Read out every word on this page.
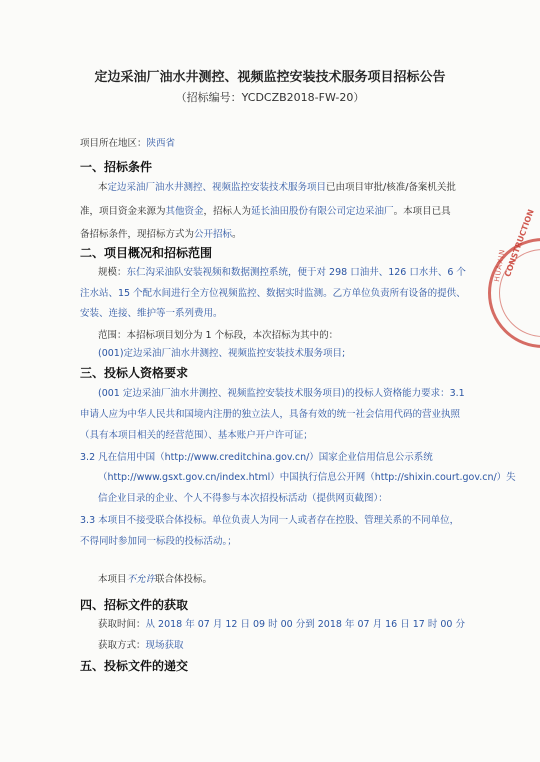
定边采油厂油水井测控、视频监控安装技术服务项目招标公告
（招标编号：YCDCZB2018-FW-20）
项目所在地区：陕西省
一、招标条件
本定边采油厂油水井测控、视频监控安装技术服务项目已由项目审批/核准/备案机关批
准，项目资金来源为其他资金，招标人为延长油田股份有限公司定边采油厂。本项目已具
备招标条件，现招标方式为公开招标。
二、项目概况和招标范围
规模：东仁沟采油队安装视频和数据测控系统，便于对 298 口油井、126 口水井、6 个
注水站、15 个配水间进行全方位视频监控、数据实时监测。乙方单位负责所有设备的提供、
安装、连接、维护等一系列费用。
范围：本招标项目划分为 1 个标段，本次招标为其中的：
(001)定边采油厂油水井测控、视频监控安装技术服务项目;
三、投标人资格要求
(001 定边采油厂油水井测控、视频监控安装技术服务项目)的投标人资格能力要求：3.1
申请人应为中华人民共和国境内注册的独立法人，具备有效的统一社会信用代码的营业执照
（具有本项目相关的经营范围）、基本账户开户许可证；
3.2 凡在信用中国（http://www.creditchina.gov.cn/）国家企业信用信息公示系统
（http://www.gsxt.gov.cn/index.html）中国执行信息公开网（http://shixin.court.gov.cn/）失
信企业目录的企业、个人不得参与本次招投标活动（提供网页截图）：
3.3 本项目不接受联合体投标。单位负责人为同一人或者存在控股、管理关系的不同单位，
不得同时参加同一标段的投标活动。；
本项目不允许联合体投标。
四、招标文件的获取
获取时间：从 2018 年 07 月 12 日 09 时 00 分到 2018 年 07 月 16 日 17 时 00 分
获取方式：现场获取
五、投标文件的递交
CONSTRUCTION
HUAXIN
